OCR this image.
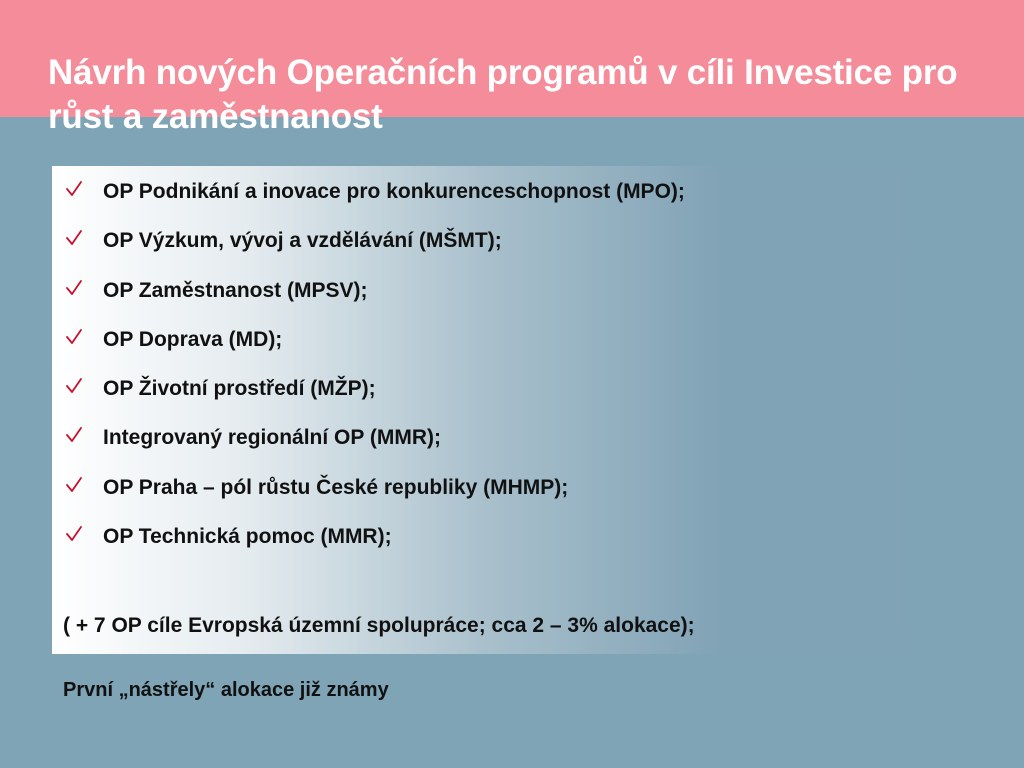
Návrh nových Operačních programů v cíli Investice pro růst a zaměstnanost
OP Podnikání a inovace pro konkurenceschopnost (MPO);
OP Výzkum, vývoj a vzdělávání (MŠMT);
OP Zaměstnanost (MPSV);
OP Doprava (MD);
OP Životní prostředí (MŽP);
Integrovaný regionální OP (MMR);
OP Praha – pól růstu České republiky (MHMP);
OP Technická pomoc (MMR);
( + 7 OP cíle Evropská územní spolupráce; cca 2 – 3% alokace);
První „nástřely“ alokace již známy
